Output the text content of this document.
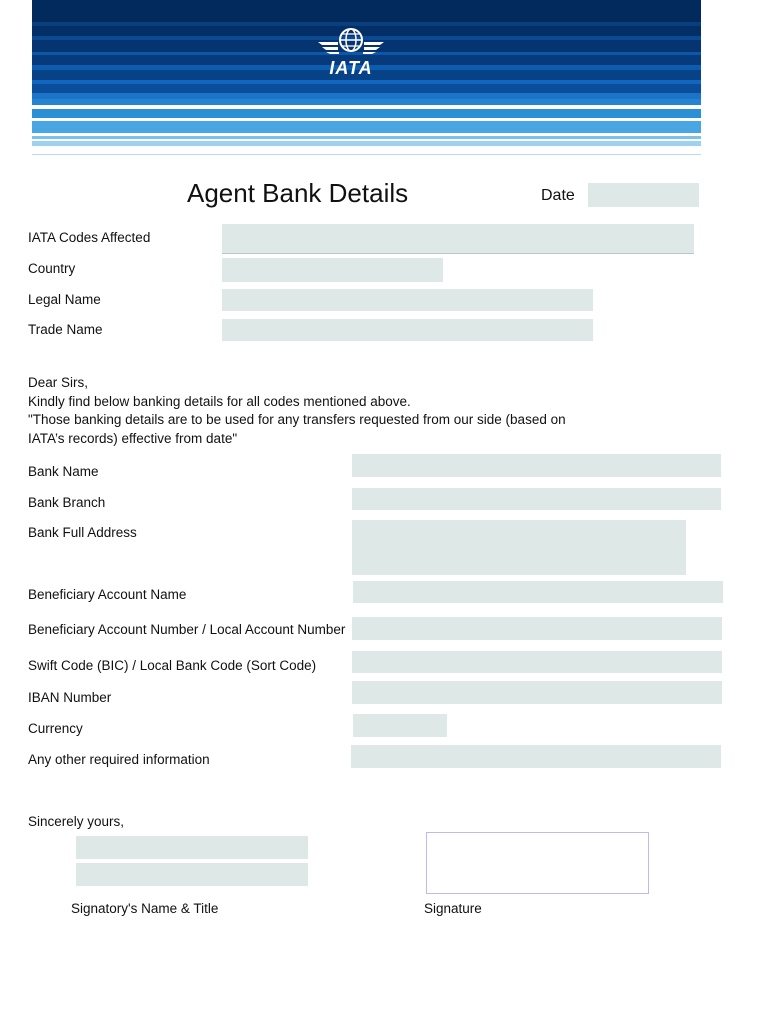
IATA
Agent Bank Details	Date
IATA Codes Affected
Country
Legal Name
Trade Name
Dear Sirs,
Kindly find below banking details for all codes mentioned above.
"Those banking details are to be used for any transfers requested from our side (based on
IATA’s records) effective from date"
Bank Name
Bank Branch
Bank Full Address
Beneficiary Account Name
Beneficiary Account Number / Local Account Number
Swift Code (BIC) / Local Bank Code (Sort Code)
IBAN Number
Currency
Any other required information
Sincerely yours,
Signatory's Name & Title	Signature
